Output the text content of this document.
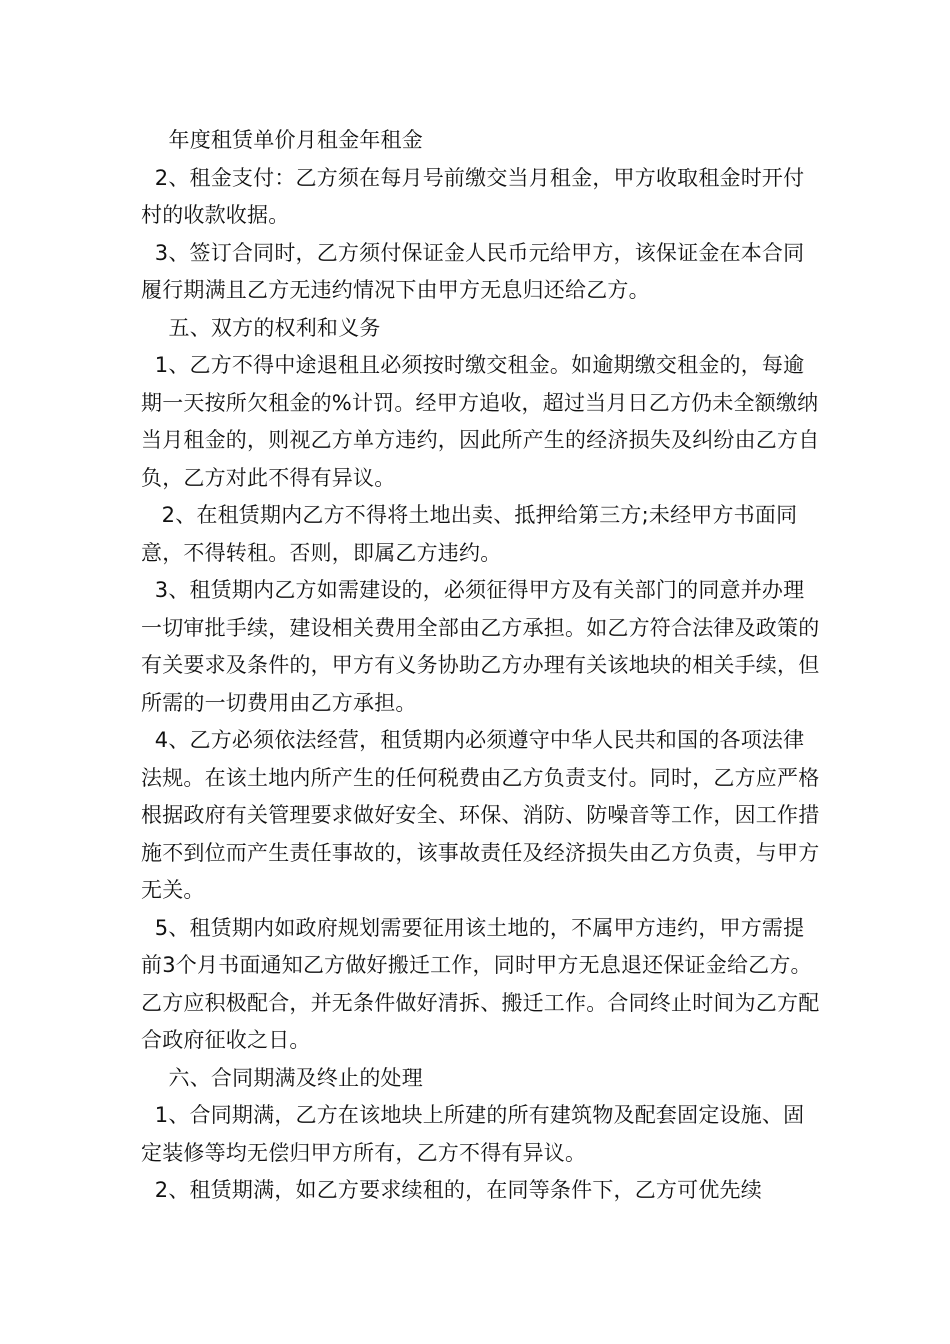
年度租赁单价月租金年租金

2、租金支付：乙方须在每月号前缴交当月租金，甲方收取租金时开付村的收款收据。

3、签订合同时，乙方须付保证金人民币元给甲方，该保证金在本合同履行期满且乙方无违约情况下由甲方无息归还给乙方。

五、双方的权利和义务

1、乙方不得中途退租且必须按时缴交租金。如逾期缴交租金的，每逾期一天按所欠租金的%计罚。经甲方追收，超过当月日乙方仍未全额缴纳当月租金的，则视乙方单方违约，因此所产生的经济损失及纠纷由乙方自负，乙方对此不得有异议。

2、在租赁期内乙方不得将土地出卖、抵押给第三方;未经甲方书面同意，不得转租。否则，即属乙方违约。

3、租赁期内乙方如需建设的，必须征得甲方及有关部门的同意并办理一切审批手续，建设相关费用全部由乙方承担。如乙方符合法律及政策的有关要求及条件的，甲方有义务协助乙方办理有关该地块的相关手续，但所需的一切费用由乙方承担。

4、乙方必须依法经营，租赁期内必须遵守中华人民共和国的各项法律法规。在该土地内所产生的任何税费由乙方负责支付。同时，乙方应严格根据政府有关管理要求做好安全、环保、消防、防噪音等工作，因工作措施不到位而产生责任事故的，该事故责任及经济损失由乙方负责，与甲方无关。

5、租赁期内如政府规划需要征用该土地的，不属甲方违约，甲方需提前3个月书面通知乙方做好搬迁工作，同时甲方无息退还保证金给乙方。乙方应积极配合，并无条件做好清拆、搬迁工作。合同终止时间为乙方配合政府征收之日。

六、合同期满及终止的处理

1、合同期满，乙方在该地块上所建的所有建筑物及配套固定设施、固定装修等均无偿归甲方所有，乙方不得有异议。

2、租赁期满，如乙方要求续租的，在同等条件下，乙方可优先续
